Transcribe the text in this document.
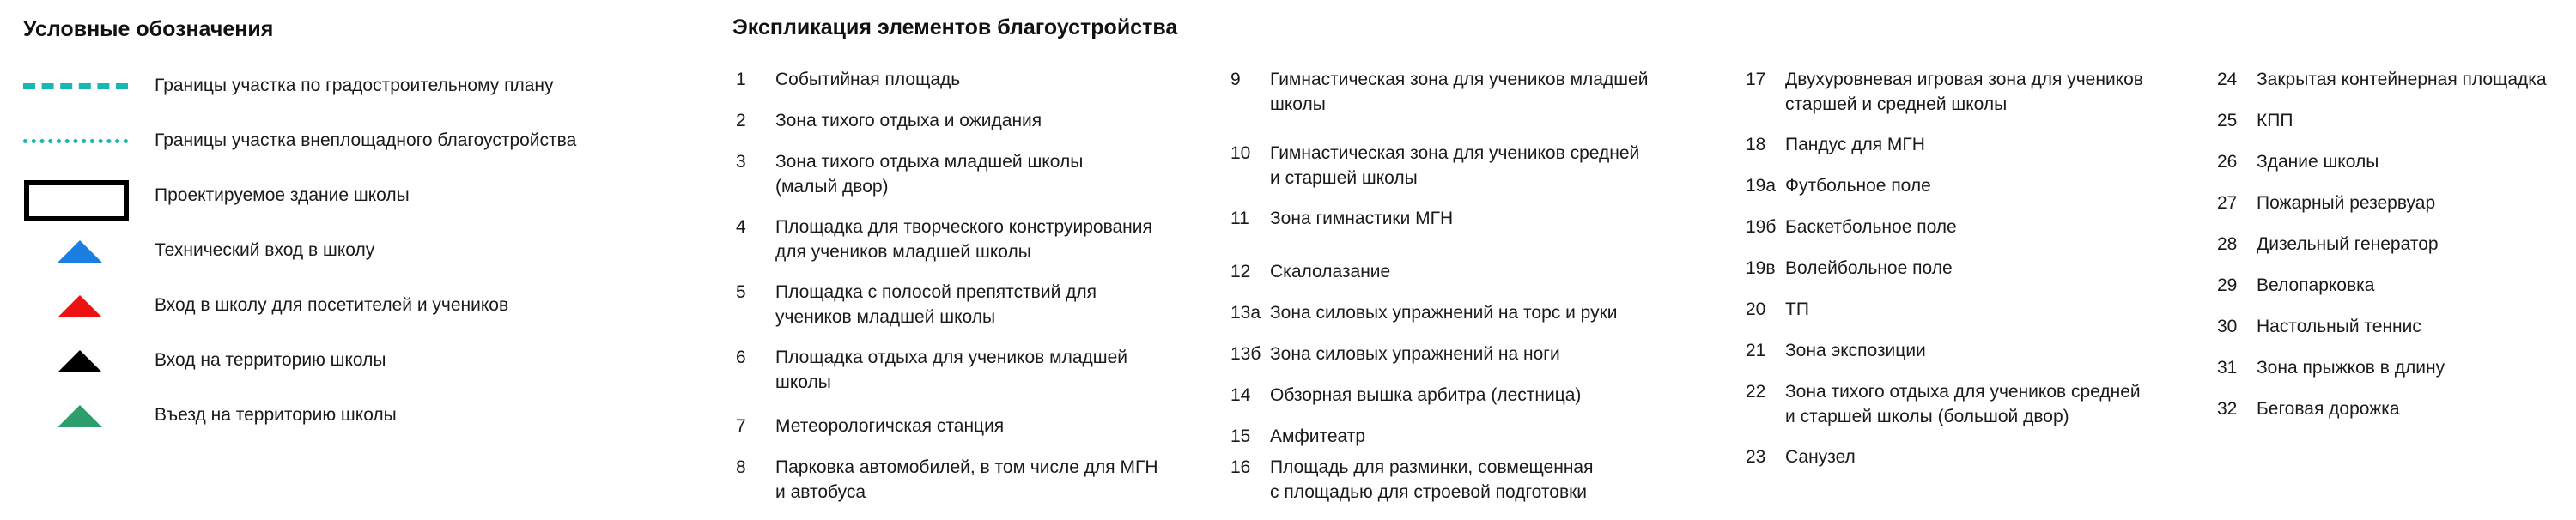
Условные обозначения
Границы участка по градостроительному плану
Границы участка внеплощадного благоустройства
Проектируемое здание школы
Технический вход в школу
Вход в школу для посетителей и учеников
Вход на территорию школы
Въезд на территорию школы
Экспликация элементов благоустройства
1 Событийная площадь
2 Зона тихого отдыха и ожидания
3 Зона тихого отдыха младшей школы
(малый двор)
4 Площадка для творческого конструирования
для учеников младшей школы
5 Площадка с полосой препятствий для
учеников младшей школы
6 Площадка отдыха для учеников младшей
школы
7 Метеорологичская станция
8 Парковка автомобилей, в том числе для МГН
и автобуса
9 Гимнастическая зона для учеников младшей
школы
10 Гимнастическая зона для учеников средней
и старшей школы
11 Зона гимнастики МГН
12 Скалолазание
13а Зона силовых упражнений на торс и руки
13б Зона силовых упражнений на ноги
14 Обзорная вышка арбитра (лестница)
15 Амфитеатр
16 Площадь для разминки, совмещенная
с площадью для строевой подготовки
17 Двухуровневая игровая зона для учеников
старшей и средней школы
18 Пандус для МГН
19а Футбольное поле
19б Баскетбольное поле
19в Волейбольное поле
20 ТП
21 Зона экспозиции
22 Зона тихого отдыха для учеников средней
и старшей школы (большой двор)
23 Санузел
24 Закрытая контейнерная площадка
25 КПП
26 Здание школы
27 Пожарный резервуар
28 Дизельный генератор
29 Велопарковка
30 Настольный теннис
31 Зона прыжков в длину
32 Беговая дорожка
